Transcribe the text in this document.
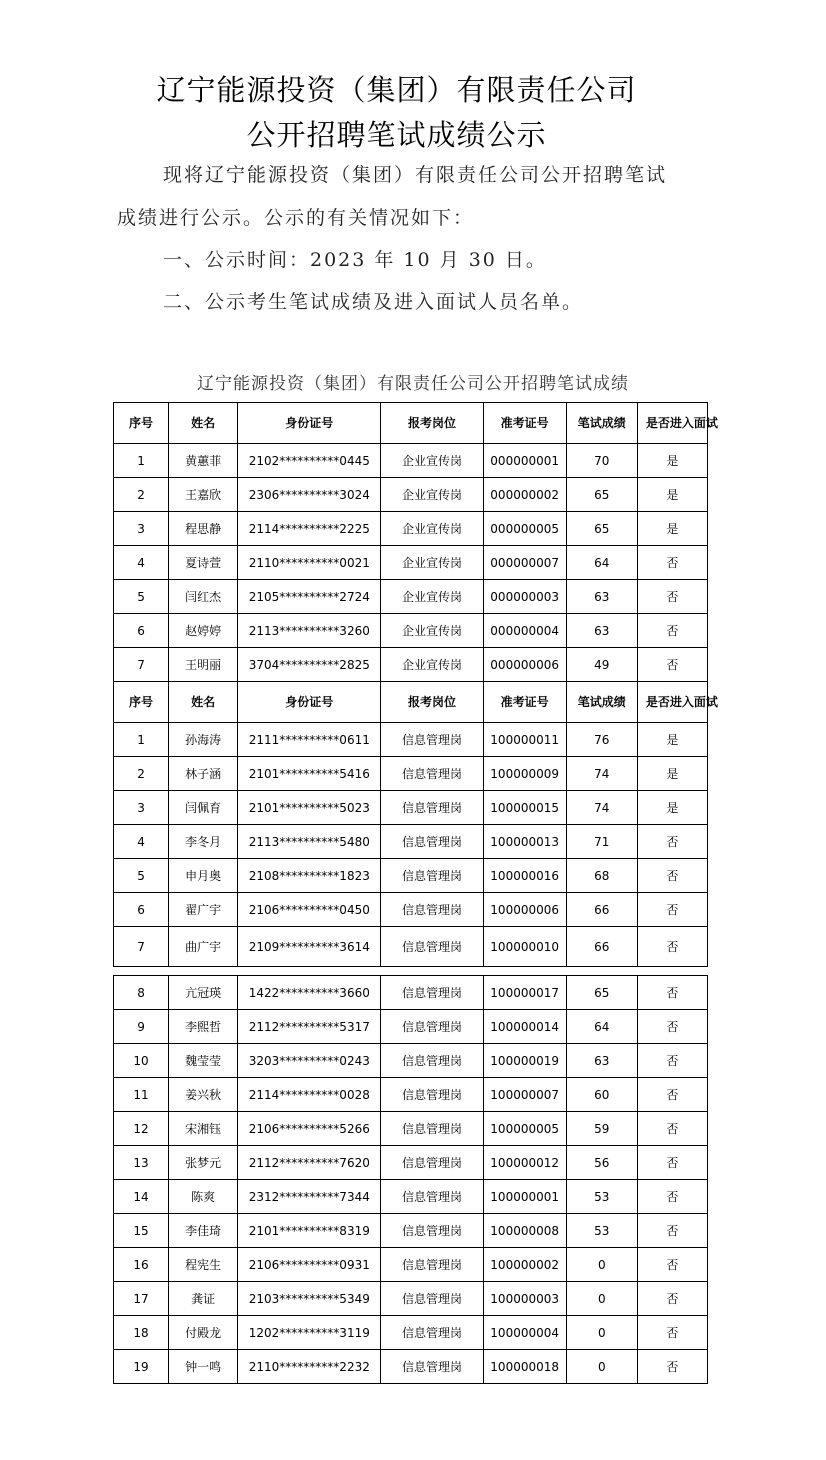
辽宁能源投资（集团）有限责任公司
公开招聘笔试成绩公示
现将辽宁能源投资（集团）有限责任公司公开招聘笔试
成绩进行公示。公示的有关情况如下：
一、公示时间：2023 年 10 月 30 日。
二、公示考生笔试成绩及进入面试人员名单。
辽宁能源投资（集团）有限责任公司公开招聘笔试成绩
序号	姓名	身份证号	报考岗位	准考证号	笔试成绩	是否进入面试
1	黄蕙菲	2102**********0445	企业宣传岗	000000001	70	是
2	王嘉欣	2306**********3024	企业宣传岗	000000002	65	是
3	程思静	2114**********2225	企业宣传岗	000000005	65	是
4	夏诗萱	2110**********0021	企业宣传岗	000000007	64	否
5	闫红杰	2105**********2724	企业宣传岗	000000003	63	否
6	赵婷婷	2113**********3260	企业宣传岗	000000004	63	否
7	王明丽	3704**********2825	企业宣传岗	000000006	49	否
序号	姓名	身份证号	报考岗位	准考证号	笔试成绩	是否进入面试
1	孙海涛	2111**********0611	信息管理岗	100000011	76	是
2	林子涵	2101**********5416	信息管理岗	100000009	74	是
3	闫佩育	2101**********5023	信息管理岗	100000015	74	是
4	李冬月	2113**********5480	信息管理岗	100000013	71	否
5	申月奥	2108**********1823	信息管理岗	100000016	68	否
6	翟广宇	2106**********0450	信息管理岗	100000006	66	否
7	曲广宇	2109**********3614	信息管理岗	100000010	66	否
8	亢冠瑛	1422**********3660	信息管理岗	100000017	65	否
9	李熙哲	2112**********5317	信息管理岗	100000014	64	否
10	魏莹莹	3203**********0243	信息管理岗	100000019	63	否
11	姜兴秋	2114**********0028	信息管理岗	100000007	60	否
12	宋湘钰	2106**********5266	信息管理岗	100000005	59	否
13	张梦元	2112**********7620	信息管理岗	100000012	56	否
14	陈爽	2312**********7344	信息管理岗	100000001	53	否
15	李佳琦	2101**********8319	信息管理岗	100000008	53	否
16	程宪生	2106**********0931	信息管理岗	100000002	0	否
17	龚证	2103**********5349	信息管理岗	100000003	0	否
18	付殿龙	1202**********3119	信息管理岗	100000004	0	否
19	钟一鸣	2110**********2232	信息管理岗	100000018	0	否
